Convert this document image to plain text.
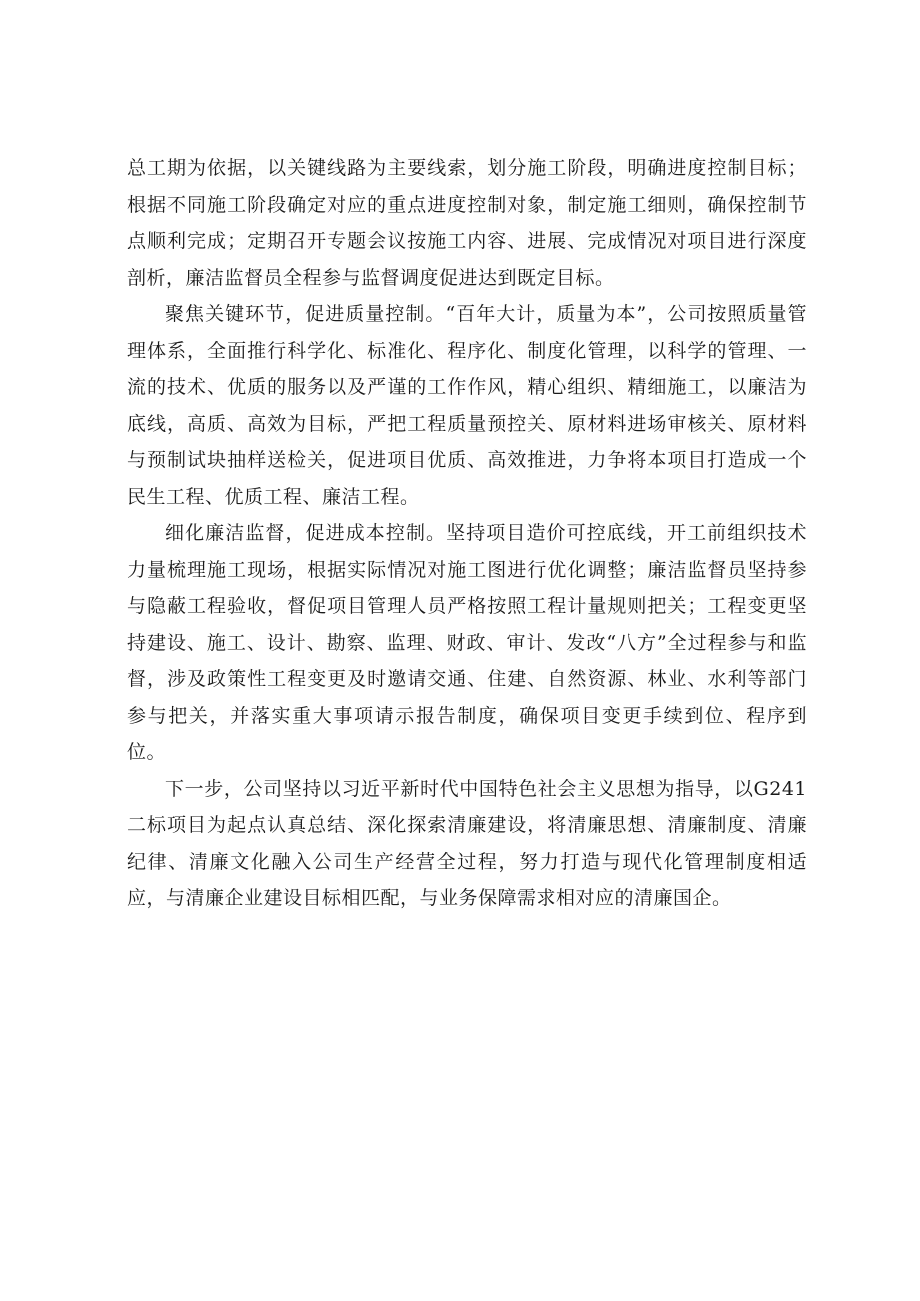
总工期为依据，以关键线路为主要线索，划分施工阶段，明确进度控制目标；根据不同施工阶段确定对应的重点进度控制对象，制定施工细则，确保控制节点顺利完成；定期召开专题会议按施工内容、进展、完成情况对项目进行深度剖析，廉洁监督员全程参与监督调度促进达到既定目标。

聚焦关键环节，促进质量控制。“百年大计，质量为本”，公司按照质量管理体系，全面推行科学化、标准化、程序化、制度化管理，以科学的管理、一流的技术、优质的服务以及严谨的工作作风，精心组织、精细施工，以廉洁为底线，高质、高效为目标，严把工程质量预控关、原材料进场审核关、原材料与预制试块抽样送检关，促进项目优质、高效推进，力争将本项目打造成一个民生工程、优质工程、廉洁工程。

细化廉洁监督，促进成本控制。坚持项目造价可控底线，开工前组织技术力量梳理施工现场，根据实际情况对施工图进行优化调整；廉洁监督员坚持参与隐蔽工程验收，督促项目管理人员严格按照工程计量规则把关；工程变更坚持建设、施工、设计、勘察、监理、财政、审计、发改“八方”全过程参与和监督，涉及政策性工程变更及时邀请交通、住建、自然资源、林业、水利等部门参与把关，并落实重大事项请示报告制度，确保项目变更手续到位、程序到位。

下一步，公司坚持以习近平新时代中国特色社会主义思想为指导，以G241二标项目为起点认真总结、深化探索清廉建设，将清廉思想、清廉制度、清廉纪律、清廉文化融入公司生产经营全过程，努力打造与现代化管理制度相适应，与清廉企业建设目标相匹配，与业务保障需求相对应的清廉国企。
